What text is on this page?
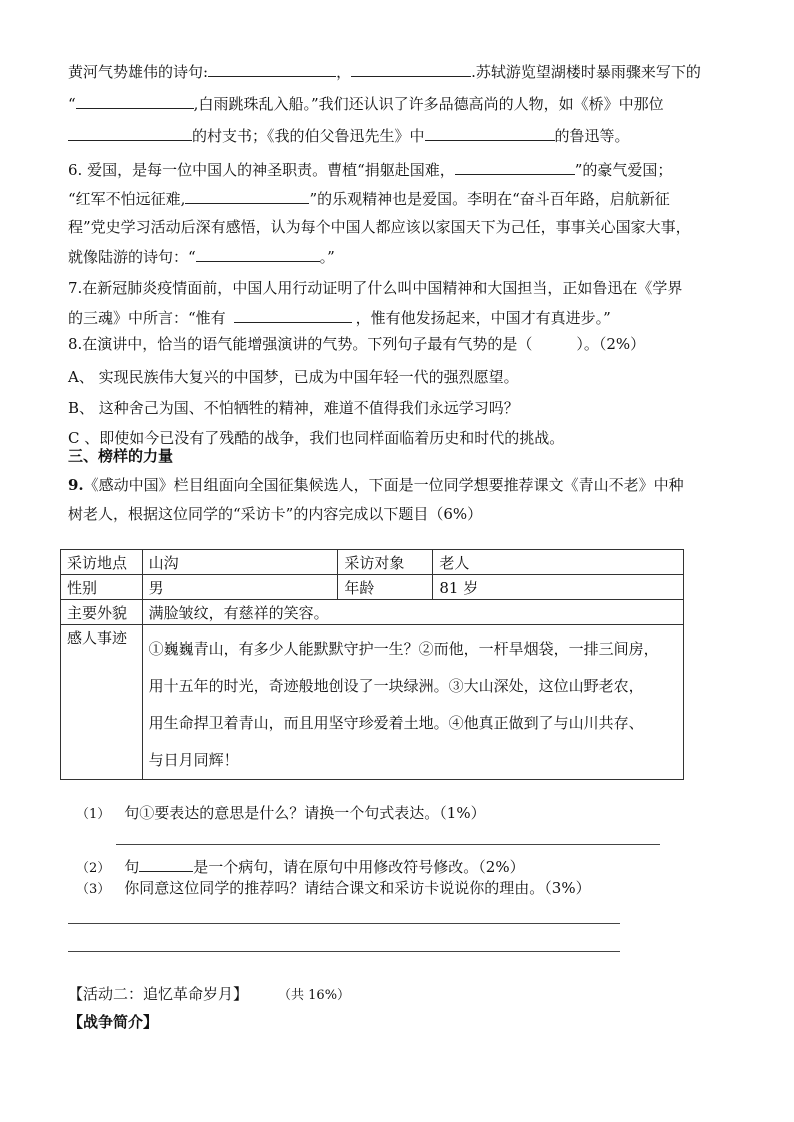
黄河气势雄伟的诗句:	，	.苏轼游览望湖楼时暴雨骤来写下的
“	,白雨跳珠乱入船。”我们还认识了许多品德高尚的人物，如《桥》中那位
的村支书；《我的伯父鲁迅先生》中	的鲁迅等。
6. 爱国，是每一位中国人的神圣职责。曹植“捐躯赴国难，	”的豪气爱国；
“红军不怕远征难,	”的乐观精神也是爱国。李明在“奋斗百年路，启航新征
程”党史学习活动后深有感悟，认为每个中国人都应该以家国天下为己任，事事关心国家大事，
就像陆游的诗句：“	。”
7.在新冠肺炎疫情面前，中国人用行动证明了什么叫中国精神和大国担当，正如鲁迅在《学界
的三魂》中所言：“惟有	，惟有他发扬起来，中国才有真进步。”
8.在演讲中，恰当的语气能增强演讲的气势。下列句子最有气势的是（	）。（2%）
A、 实现民族伟大复兴的中国梦，已成为中国年轻一代的强烈愿望。
B、 这种舍己为国、不怕牺牲的精神，难道不值得我们永远学习吗？
C 、即使如今已没有了残酷的战争，我们也同样面临着历史和时代的挑战。
三、榜样的力量
9.《感动中国》栏目组面向全国征集候选人，下面是一位同学想要推荐课文《青山不老》中种
树老人，根据这位同学的“采访卡”的内容完成以下题目（6%）
采访地点	山沟	采访对象	老人
性别	男	年龄	81 岁
主要外貌	满脸皱纹，有慈祥的笑容。		
感人事迹	①巍巍青山，有多少人能默默守护一生？②而他，一杆旱烟袋，一排三间房，
用十五年的时光，奇迹般地创设了一块绿洲。③大山深处，这位山野老农，
用生命捍卫着青山，而且用坚守珍爱着土地。④他真正做到了与山川共存、
与日月同辉！		
（1） 句①要表达的意思是什么？请换一个句式表达。（1%）
（2） 句	是一个病句，请在原句中用修改符号修改。（2%）
（3） 你同意这位同学的推荐吗？请结合课文和采访卡说说你的理由。（3%）
【活动二：追忆革命岁月】 （共 16%）
【战争简介】
